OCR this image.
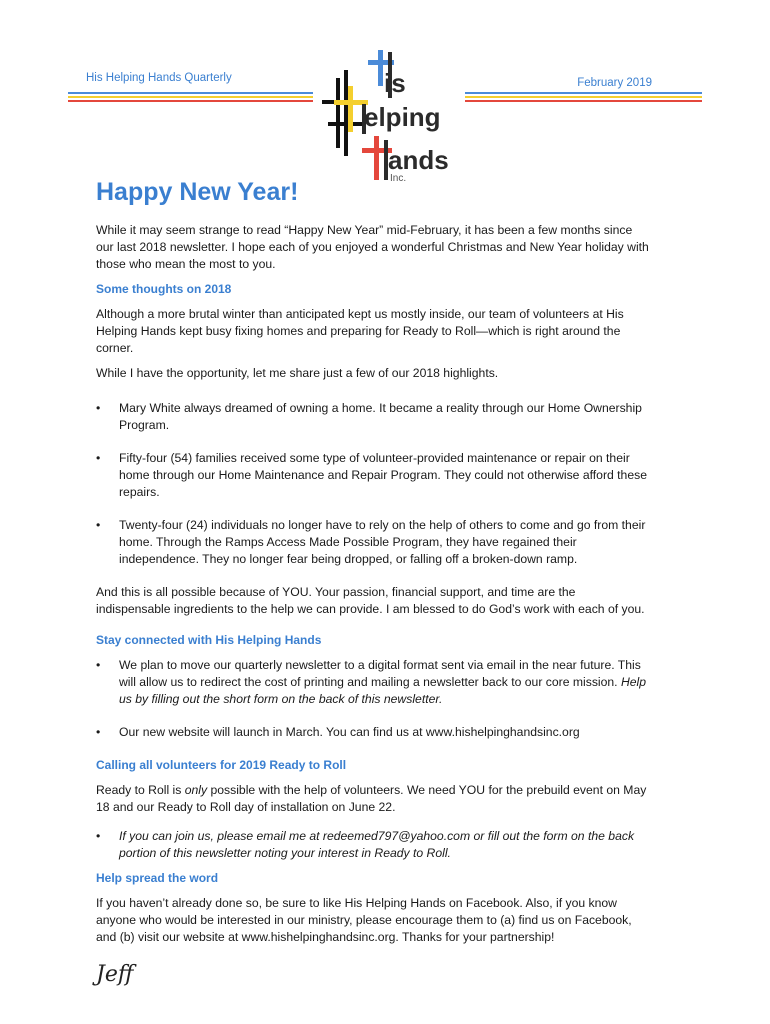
His Helping Hands Quarterly	February 2019
is
elping
ands
Inc.
Happy New Year!

While it may seem strange to read “Happy New Year” mid-February, it has been a few months since our last 2018 newsletter. I hope each of you enjoyed a wonderful Christmas and New Year holiday with those who mean the most to you.

Some thoughts on 2018

Although a more brutal winter than anticipated kept us mostly inside, our team of volunteers at His Helping Hands kept busy fixing homes and preparing for Ready to Roll—which is right around the corner.

While I have the opportunity, let me share just a few of our 2018 highlights.

• Mary White always dreamed of owning a home. It became a reality through our Home Ownership Program.
• Fifty-four (54) families received some type of volunteer-provided maintenance or repair on their home through our Home Maintenance and Repair Program. They could not otherwise afford these repairs.
• Twenty-four (24) individuals no longer have to rely on the help of others to come and go from their home. Through the Ramps Access Made Possible Program, they have regained their independence. They no longer fear being dropped, or falling off a broken-down ramp.

And this is all possible because of YOU. Your passion, financial support, and time are the indispensable ingredients to the help we can provide. I am blessed to do God’s work with each of you.

Stay connected with His Helping Hands
• We plan to move our quarterly newsletter to a digital format sent via email in the near future. This will allow us to redirect the cost of printing and mailing a newsletter back to our core mission. Help us by filling out the short form on the back of this newsletter.
• Our new website will launch in March. You can find us at www.hishelpinghandsinc.org
Calling all volunteers for 2019 Ready to Roll

Ready to Roll is only possible with the help of volunteers. We need YOU for the prebuild event on May 18 and our Ready to Roll day of installation on June 22.

• If you can join us, please email me at redeemed797@yahoo.com or fill out the form on the back portion of this newsletter noting your interest in Ready to Roll.
Help spread the word

If you haven’t already done so, be sure to like His Helping Hands on Facebook. Also, if you know anyone who would be interested in our ministry, please encourage them to (a) find us on Facebook, and (b) visit our website at www.hishelpinghandsinc.org. Thanks for your partnership!

Jeff
